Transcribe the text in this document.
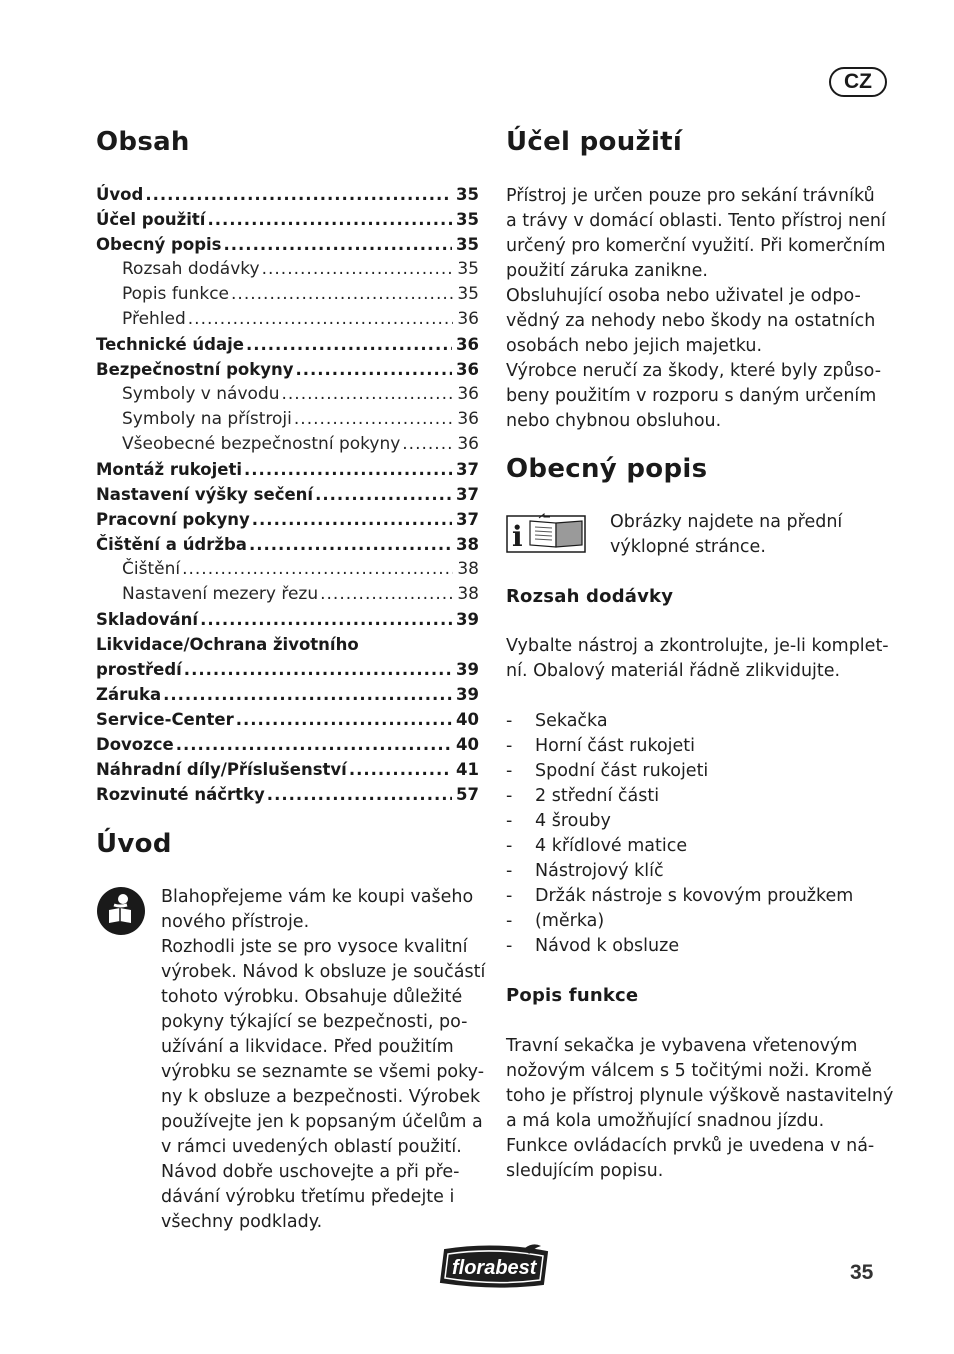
CZ
Obsah
Úvod .....	35
Účel použití .....	35
Obecný popis .....	35
Rozsah dodávky .....	35
Popis funkce .....	35
Přehled .....	36
Technické údaje .....	36
Bezpečnostní pokyny .....	36
Symboly v návodu .....	36
Symboly na přístroji .....	36
Všeobecné bezpečnostní pokyny .....	36
Montáž rukojeti .....	37
Nastavení výšky sečení .....	37
Pracovní pokyny .....	37
Čištění a údržba .....	38
Čištění .....	38
Nastavení mezery řezu .....	38
Skladování .....	39
Likvidace/Ochrana životního
prostředí .....	39
Záruka .....	39
Service-Center .....	40
Dovozce .....	40
Náhradní díly/Příslušenství .....	41
Rozvinuté náčrtky .....	57
Úvod
Blahopřejeme vám ke koupi vašeho
nového přístroje.
Rozhodli jste se pro vysoce kvalitní
výrobek. Návod k obsluze je součástí
tohoto výrobku. Obsahuje důležité
pokyny týkající se bezpečnosti, po-
užívání a likvidace. Před použitím
výrobku se seznamte se všemi poky-
ny k obsluze a bezpečnosti. Výrobek
používejte jen k popsaným účelům a
v rámci uvedených oblastí použití.
Návod dobře uschovejte a při pře-
dávání výrobku třetímu předejte i
všechny podklady.
Účel použití
Přístroj je určen pouze pro sekání trávníků
a trávy v domácí oblasti. Tento přístroj není
určený pro komerční využití. Při komerčním
použití záruka zanikne.
Obsluhující osoba nebo uživatel je odpo-
vědný za nehody nebo škody na ostatních
osobách nebo jejich majetku.
Výrobce neručí za škody, které byly způso-
beny použitím v rozporu s daným určením
nebo chybnou obsluhou.
Obecný popis
i	Obrázky najdete na přední
výklopné stránce.
Rozsah dodávky
Vybalte nástroj a zkontrolujte, je-li komplet-
ní. Obalový materiál řádně zlikvidujte.
- Sekačka
- Horní část rukojeti
- Spodní část rukojeti
- 2 střední části
- 4 šrouby
- 4 křídlové matice
- Nástrojový klíč
- Držák nástroje s kovovým proužkem
- (měrka)
- Návod k obsluze
Popis funkce
Travní sekačka je vybavena vřetenovým
nožovým válcem s 5 točitými noži. Kromě
toho je přístroj plynule výškově nastavitelný
a má kola umožňující snadnou jízdu.
Funkce ovládacích prvků je uvedena v ná-
sledujícím popisu.
florabest	35
